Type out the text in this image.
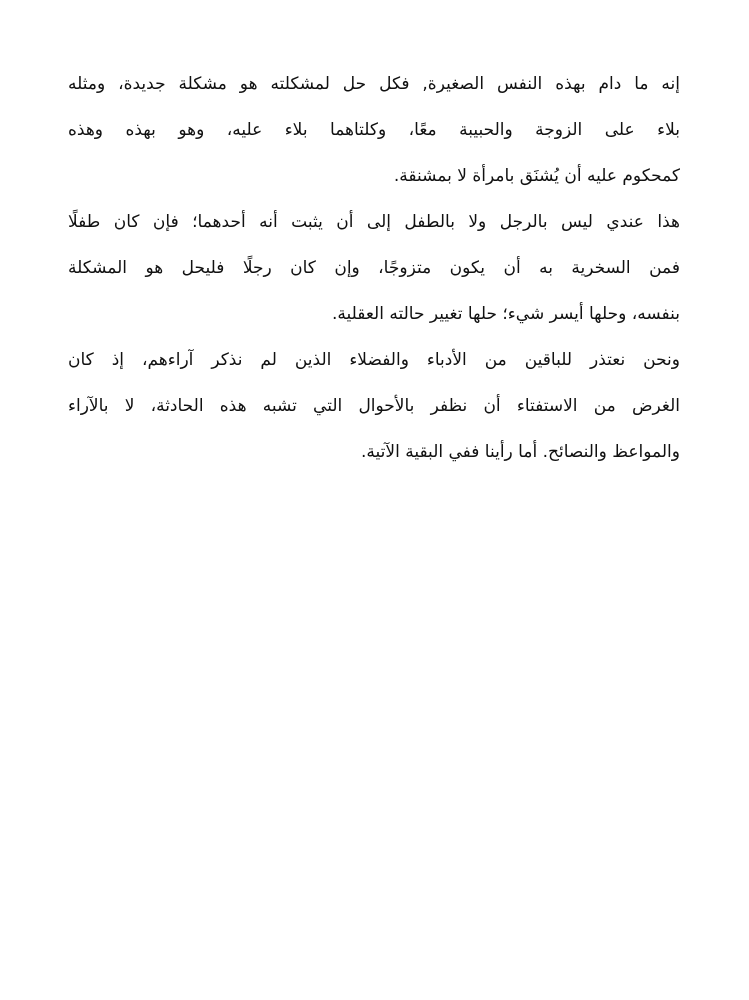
إنه ما دام بهذه النفس الصغيرة, فكل حل لمشكلته هو مشكلة جديدة، ومثله
بلاء على الزوجة والحبيبة معًا، وكلتاهما بلاء عليه، وهو بهذه وهذه
كمحكوم عليه أن يُشنَق بامرأة لا بمشنقة.

هذا عندي ليس بالرجل ولا بالطفل إلى أن يثبت أنه أحدهما؛ فإن كان طفلًا
فمن السخرية به أن يكون متزوجًا، وإن كان رجلًا فليحل هو المشكلة
بنفسه، وحلها أيسر شيء؛ حلها تغيير حالته العقلية.

ونحن نعتذر للباقين من الأدباء والفضلاء الذين لم نذكر آراءهم، إذ كان
الغرض من الاستفتاء أن نظفر بالأحوال التي تشبه هذه الحادثة، لا بالآراء
والمواعظ والنصائح. أما رأينا ففي البقية الآتية.
